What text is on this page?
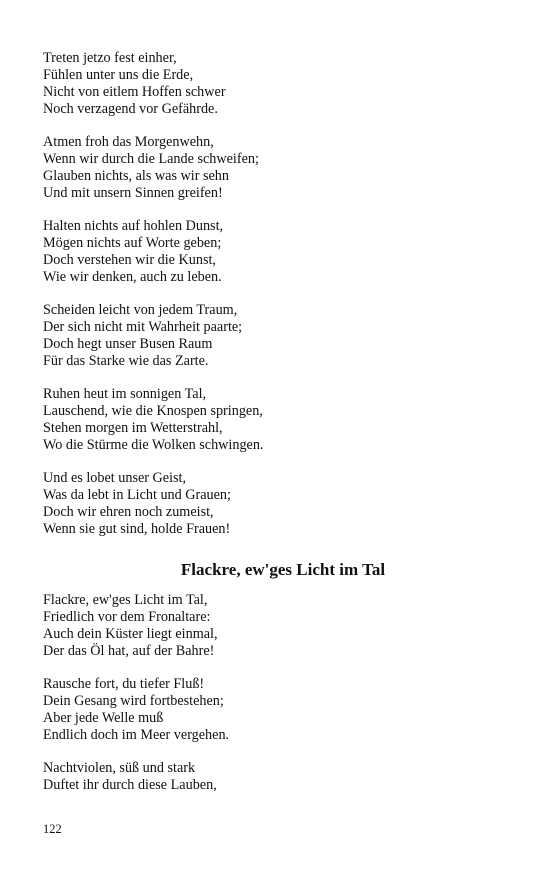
Treten jetzo fest einher,
Fühlen unter uns die Erde,
Nicht von eitlem Hoffen schwer
Noch verzagend vor Gefährde.
Atmen froh das Morgenwehn,
Wenn wir durch die Lande schweifen;
Glauben nichts, als was wir sehn
Und mit unsern Sinnen greifen!
Halten nichts auf hohlen Dunst,
Mögen nichts auf Worte geben;
Doch verstehen wir die Kunst,
Wie wir denken, auch zu leben.
Scheiden leicht von jedem Traum,
Der sich nicht mit Wahrheit paarte;
Doch hegt unser Busen Raum
Für das Starke wie das Zarte.
Ruhen heut im sonnigen Tal,
Lauschend, wie die Knospen springen,
Stehen morgen im Wetterstrahl,
Wo die Stürme die Wolken schwingen.
Und es lobet unser Geist,
Was da lebt in Licht und Grauen;
Doch wir ehren noch zumeist,
Wenn sie gut sind, holde Frauen!
Flackre, ew'ges Licht im Tal
Flackre, ew'ges Licht im Tal,
Friedlich vor dem Fronaltare:
Auch dein Küster liegt einmal,
Der das Öl hat, auf der Bahre!
Rausche fort, du tiefer Fluß!
Dein Gesang wird fortbestehen;
Aber jede Welle muß
Endlich doch im Meer vergehen.
Nachtviolen, süß und stark
Duftet ihr durch diese Lauben,
122
